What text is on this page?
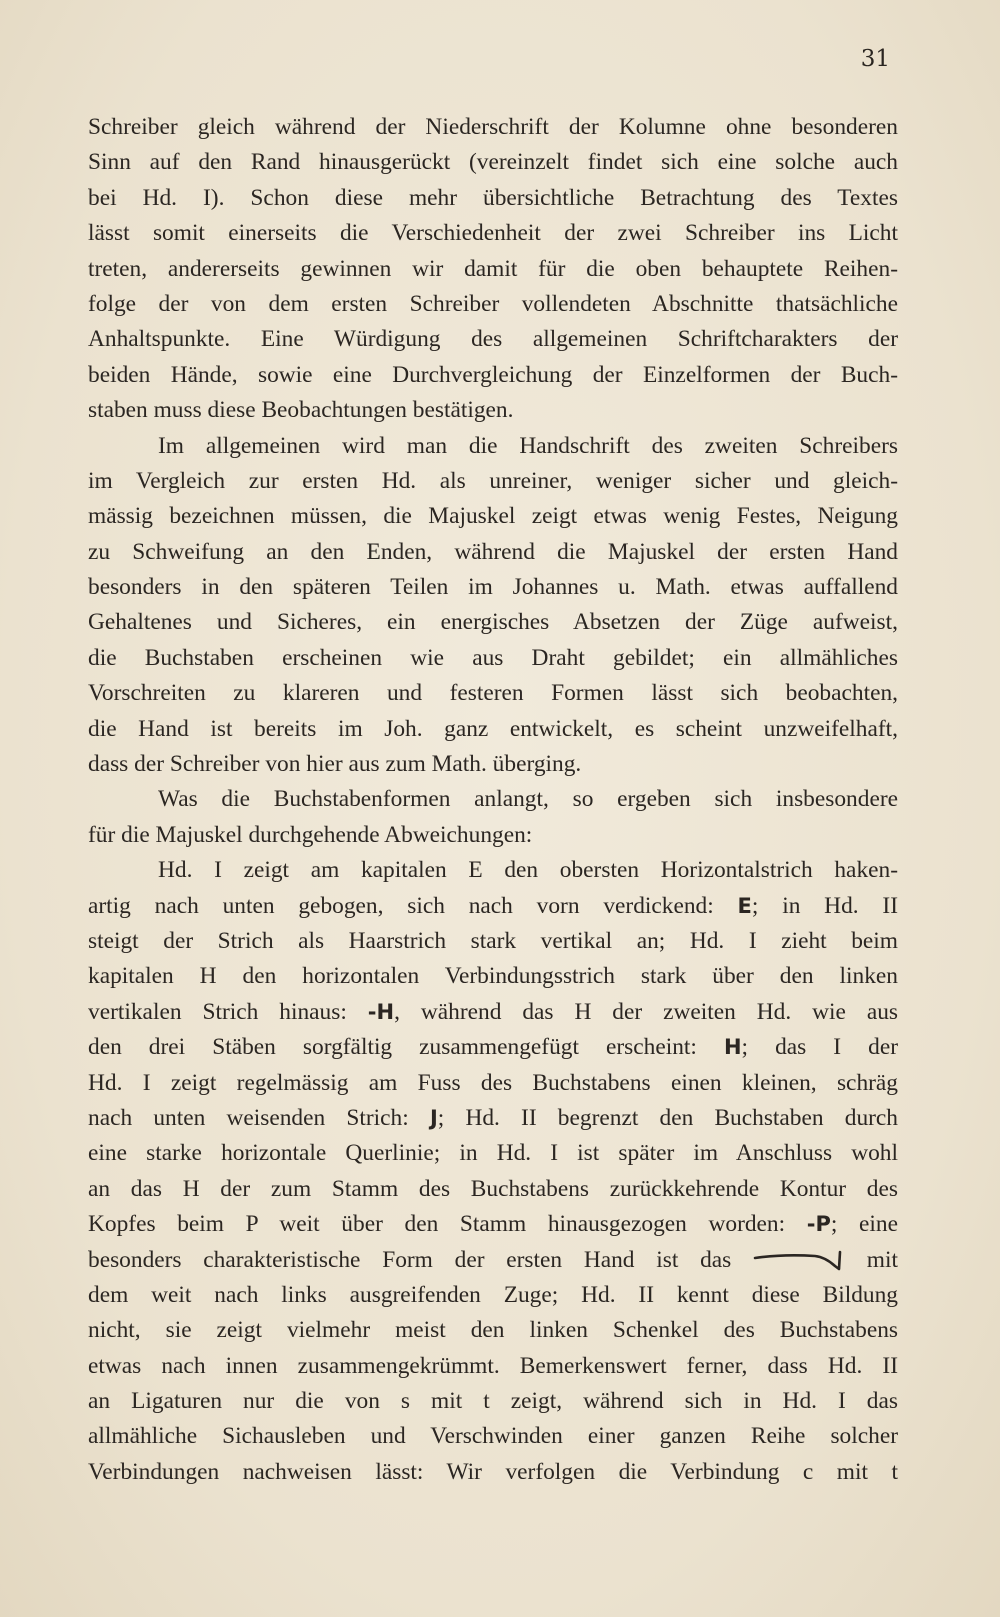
31
Schreiber gleich während der Niederschrift der Kolumne ohne besonderen
Sinn auf den Rand hinausgerückt (vereinzelt findet sich eine solche auch
bei Hd. I). Schon diese mehr übersichtliche Betrachtung des Textes
lässt somit einerseits die Verschiedenheit der zwei Schreiber ins Licht
treten, andererseits gewinnen wir damit für die oben behauptete Reihen-
folge der von dem ersten Schreiber vollendeten Abschnitte thatsächliche
Anhaltspunkte. Eine Würdigung des allgemeinen Schriftcharakters der
beiden Hände, sowie eine Durchvergleichung der Einzelformen der Buch-
staben muss diese Beobachtungen bestätigen.
Im allgemeinen wird man die Handschrift des zweiten Schreibers
im Vergleich zur ersten Hd. als unreiner, weniger sicher und gleich-
mässig bezeichnen müssen, die Majuskel zeigt etwas wenig Festes, Neigung
zu Schweifung an den Enden, während die Majuskel der ersten Hand
besonders in den späteren Teilen im Johannes u. Math. etwas auffallend
Gehaltenes und Sicheres, ein energisches Absetzen der Züge aufweist,
die Buchstaben erscheinen wie aus Draht gebildet; ein allmähliches
Vorschreiten zu klareren und festeren Formen lässt sich beobachten,
die Hand ist bereits im Joh. ganz entwickelt, es scheint unzweifelhaft,
dass der Schreiber von hier aus zum Math. überging.
Was die Buchstabenformen anlangt, so ergeben sich insbesondere
für die Majuskel durchgehende Abweichungen:
Hd. I zeigt am kapitalen E den obersten Horizontalstrich haken-
artig nach unten gebogen, sich nach vorn verdickend: E; in Hd. II
steigt der Strich als Haarstrich stark vertikal an; Hd. I zieht beim
kapitalen H den horizontalen Verbindungsstrich stark über den linken
vertikalen Strich hinaus: -H, während das H der zweiten Hd. wie aus
den drei Stäben sorgfältig zusammengefügt erscheint: H; das I der
Hd. I zeigt regelmässig am Fuss des Buchstabens einen kleinen, schräg
nach unten weisenden Strich: J; Hd. II begrenzt den Buchstaben durch
eine starke horizontale Querlinie; in Hd. I ist später im Anschluss wohl
an das H der zum Stamm des Buchstabens zurückkehrende Kontur des
Kopfes beim P weit über den Stamm hinausgezogen worden: -P; eine
besonders charakteristische Form der ersten Hand ist das	mit
dem weit nach links ausgreifenden Zuge; Hd. II kennt diese Bildung
nicht, sie zeigt vielmehr meist den linken Schenkel des Buchstabens
etwas nach innen zusammengekrümmt. Bemerkenswert ferner, dass Hd. II
an Ligaturen nur die von s mit t zeigt, während sich in Hd. I das
allmähliche Sichausleben und Verschwinden einer ganzen Reihe solcher
Verbindungen nachweisen lässt: Wir verfolgen die Verbindung c mit t
